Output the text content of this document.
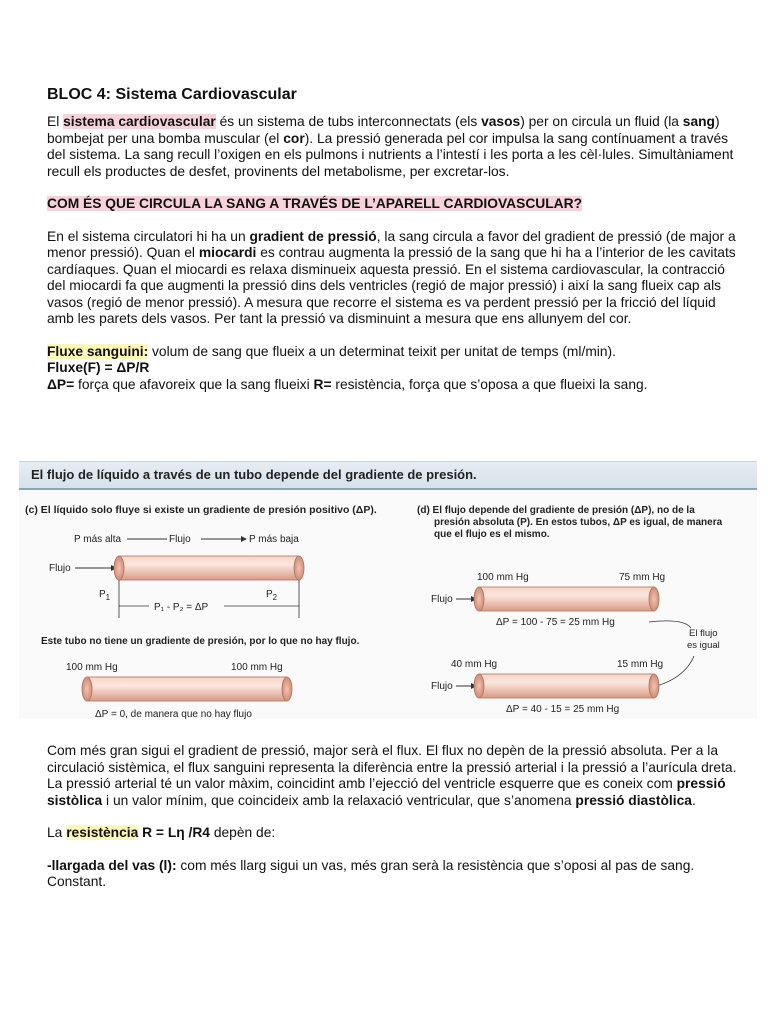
BLOC 4: Sistema Cardiovascular

El sistema cardiovascular és un sistema de tubs interconnectats (els vasos) per on circula un fluid (la sang) bombejat per una bomba muscular (el cor). La pressió generada pel cor impulsa la sang contínuament a través del sistema. La sang recull l’oxigen en els pulmons i nutrients a l’intestí i les porta a les cèl·lules. Simultàniament recull els productes de desfet, provinents del metabolisme, per excretar-los.

COM ÉS QUE CIRCULA LA SANG A TRAVÉS DE L’APARELL CARDIOVASCULAR?

En el sistema circulatori hi ha un gradient de pressió, la sang circula a favor del gradient de pressió (de major a menor pressió). Quan el miocardi es contrau augmenta la pressió de la sang que hi ha a l’interior de les cavitats cardíaques. Quan el miocardi es relaxa disminueix aquesta pressió. En el sistema cardiovascular, la contracció del miocardi fa que augmenti la pressió dins dels ventricles (regió de major pressió) i així la sang flueix cap als vasos (regió de menor pressió). A mesura que recorre el sistema es va perdent pressió per la fricció del líquid amb les parets dels vasos. Per tant la pressió va disminuint a mesura que ens allunyem del cor.

Fluxe sanguini: volum de sang que flueix a un determinat teixit per unitat de temps (ml/min).

Fluxe(F) = ΔP/R

ΔP= força que afavoreix que la sang flueixi R= resistència, força que s’oposa a que flueixi la sang.

El flujo de líquido a través de un tubo depende del gradiente de presión.
(c) El líquido solo fluye si existe un gradiente de presión positivo (ΔP).
P más alta	Flujo	P más baja
Flujo
$P_1$	$P_2$
P₁ - P₂ = ΔP
Este tubo no tiene un gradiente de presión, por lo que no hay flujo.
100 mm Hg	100 mm Hg
ΔP = 0, de manera que no hay flujo
(d) El flujo depende del gradiente de presión (ΔP), no de la
presión absoluta (P). En estos tubos, ΔP es igual, de manera
que el flujo es el mismo.
100 mm Hg	75 mm Hg
Flujo
ΔP = 100 - 75 = 25 mm Hg
El flujo
es igual
40 mm Hg	15 mm Hg
Flujo
ΔP = 40 - 15 = 25 mm Hg

Com més gran sigui el gradient de pressió, major serà el flux. El flux no depèn de la pressió absoluta. Per a la circulació sistèmica, el flux sanguini representa la diferència entre la pressió arterial i la pressió a l’aurícula dreta. La pressió arterial té un valor màxim, coincidint amb l’ejecció del ventricle esquerre que es coneix com pressió sistòlica i un valor mínim, que coincideix amb la relaxació ventricular, que s’anomena pressió diastòlica.

La resistència R = Lη /R4 depèn de:

-llargada del vas (l): com més llarg sigui un vas, més gran serà la resistència que s’oposi al pas de sang. Constant.
